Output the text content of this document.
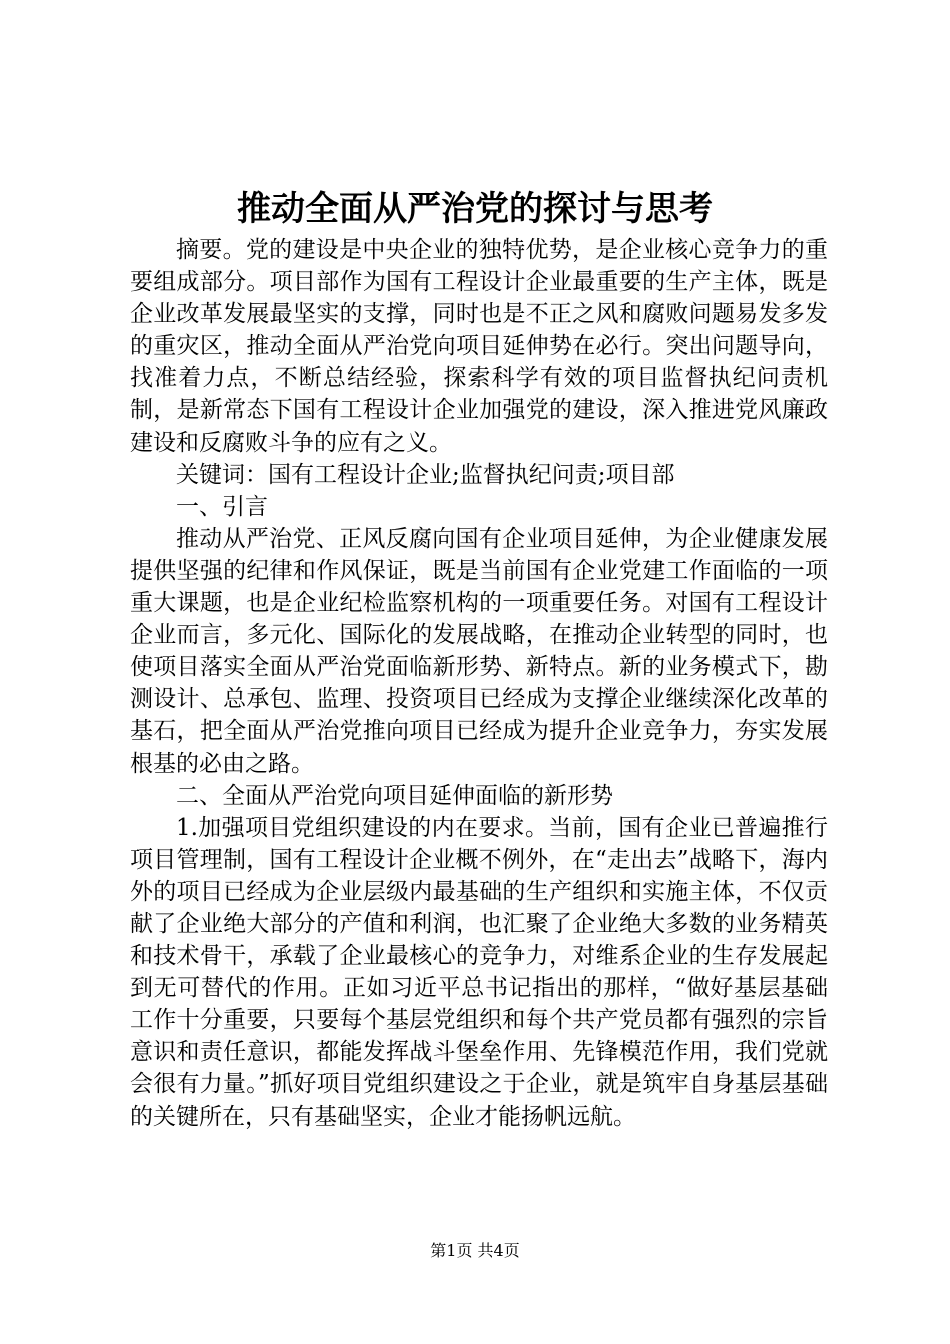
推动全面从严治党的探讨与思考

摘要。党的建设是中央企业的独特优势，是企业核心竞争力的重要组成部分。项目部作为国有工程设计企业最重要的生产主体，既是企业改革发展最坚实的支撑，同时也是不正之风和腐败问题易发多发的重灾区，推动全面从严治党向项目延伸势在必行。突出问题导向，找准着力点，不断总结经验，探索科学有效的项目监督执纪问责机制，是新常态下国有工程设计企业加强党的建设，深入推进党风廉政建设和反腐败斗争的应有之义。

关键词：国有工程设计企业;监督执纪问责;项目部

一、引言

推动从严治党、正风反腐向国有企业项目延伸，为企业健康发展提供坚强的纪律和作风保证，既是当前国有企业党建工作面临的一项重大课题，也是企业纪检监察机构的一项重要任务。对国有工程设计企业而言，多元化、国际化的发展战略，在推动企业转型的同时，也使项目落实全面从严治党面临新形势、新特点。新的业务模式下，勘测设计、总承包、监理、投资项目已经成为支撑企业继续深化改革的基石，把全面从严治党推向项目已经成为提升企业竞争力，夯实发展根基的必由之路。

二、全面从严治党向项目延伸面临的新形势

1.加强项目党组织建设的内在要求。当前，国有企业已普遍推行项目管理制，国有工程设计企业概不例外，在“走出去”战略下，海内外的项目已经成为企业层级内最基础的生产组织和实施主体，不仅贡献了企业绝大部分的产值和利润，也汇聚了企业绝大多数的业务精英和技术骨干，承载了企业最核心的竞争力，对维系企业的生存发展起到无可替代的作用。正如习近平总书记指出的那样，“做好基层基础工作十分重要，只要每个基层党组织和每个共产党员都有强烈的宗旨意识和责任意识，都能发挥战斗堡垒作用、先锋模范作用，我们党就会很有力量。”抓好项目党组织建设之于企业，就是筑牢自身基层基础的关键所在，只有基础坚实，企业才能扬帆远航。

第1页 共4页
